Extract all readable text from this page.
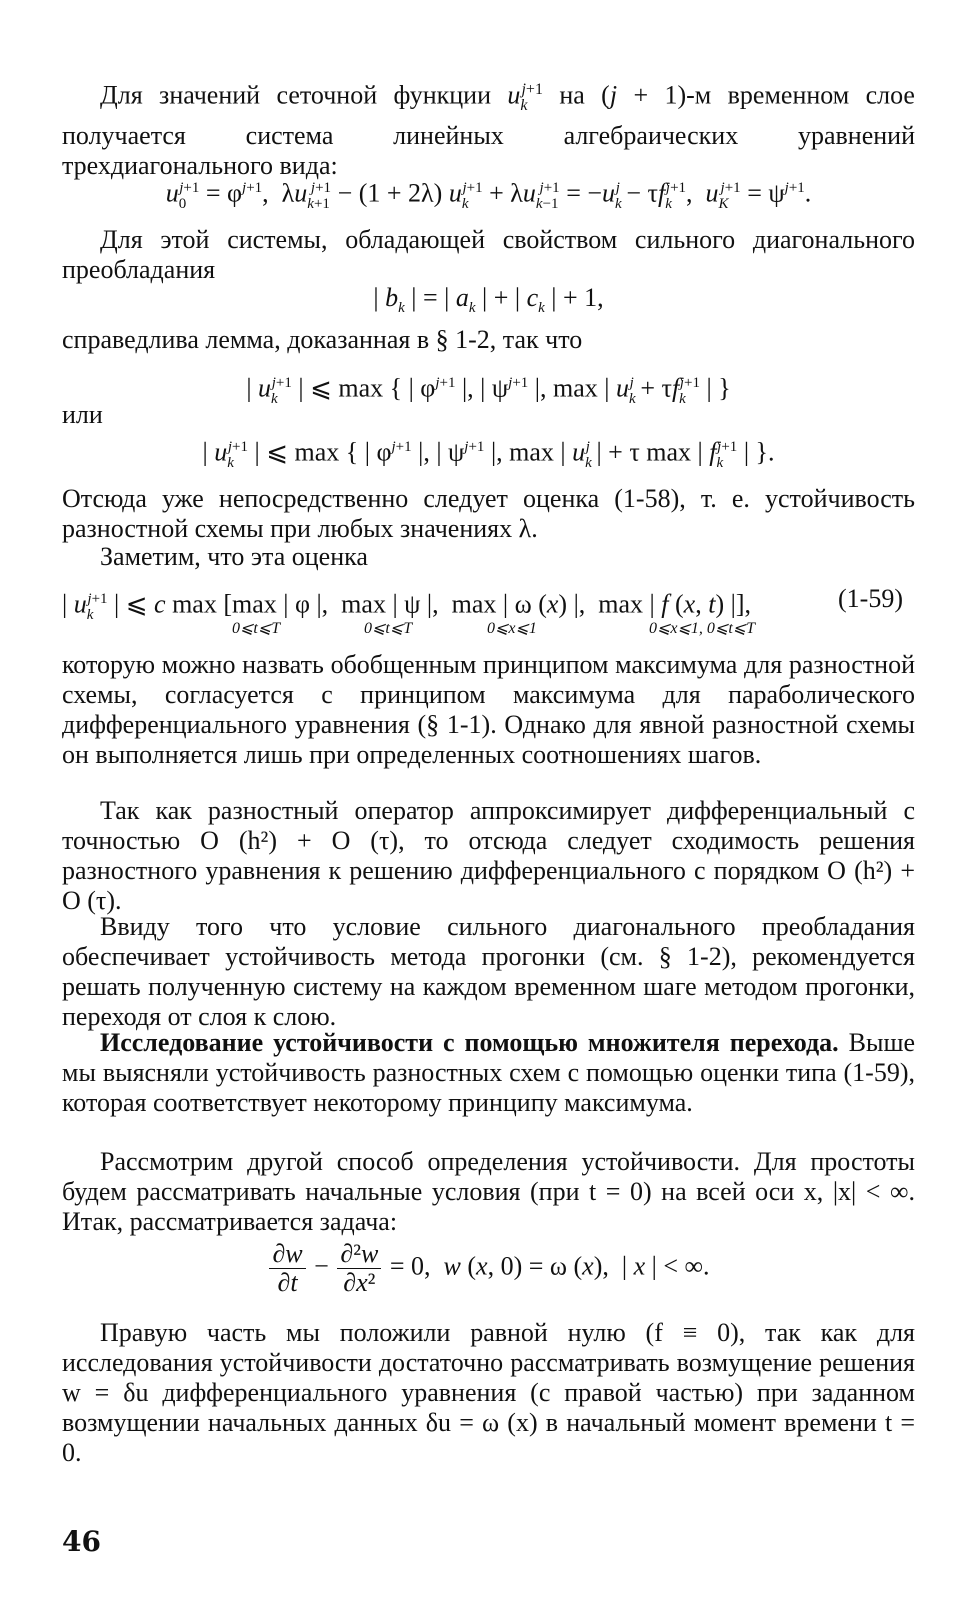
Для значений сеточной функции $u_k^{j+1}$ на (j + 1)-м временном слое получается система линейных алгебраических уравнений трехдиагонального вида:

$u_0^{j+1} = \varphi^{j+1}$,  $\lambda u_{k+1}^{j+1} - (1 + 2\lambda) u_k^{j+1} + \lambda u_{k-1}^{j+1} = -u_k^j - \tau f_k^{j+1}$,  $u_K^{j+1} = \psi^{j+1}$.

Для этой системы, обладающей свойством сильного диагонального преобладания

| $b_k$ | = | $a_k$ | + | $c_k$ | + 1,

справедлива лемма, доказанная в § 1-2, так что

| $u_k^{j+1}$ | ⩽ max { | $\varphi^{j+1}$ |, | $\psi^{j+1}$ |, max | $u_k^j + \tau f_k^{j+1}$ | }
или
| $u_k^{j+1}$ | ⩽ max { | $\varphi^{j+1}$ |, | $\psi^{j+1}$ |, max | $u_k^j$ | + τ max | $f_k^{j+1}$ | }.

Отсюда уже непосредственно следует оценка (1-58), т. е. устойчивость разностной схемы при любых значениях λ.

Заметим, что эта оценка

| $u_k^{j+1}$ | ⩽ c max [max | φ |,  max | ψ |,  max | ω (x) |,  max | f (x, t) |],	(1-59)
0⩽t⩽T	0⩽t⩽T	0⩽x⩽1	0⩽x⩽1, 0⩽t⩽T

которую можно назвать обобщенным принципом максимума для разностной схемы, согласуется с принципом максимума для параболического дифференциального уравнения (§ 1-1). Однако для явной разностной схемы он выполняется лишь при определенных соотношениях шагов.

Так как разностный оператор аппроксимирует дифференциальный с точностью O (h²) + O (τ), то отсюда следует сходимость решения разностного уравнения к решению дифференциального с порядком O (h²) + O (τ).

Ввиду того что условие сильного диагонального преобладания обеспечивает устойчивость метода прогонки (см. § 1-2), рекомендуется решать полученную систему на каждом временном шаге методом прогонки, переходя от слоя к слою.

Исследование устойчивости с помощью множителя перехода. Выше мы выясняли устойчивость разностных схем с помощью оценки типа (1-59), которая соответствует некоторому принципу максимума.

Рассмотрим другой способ определения устойчивости. Для простоты будем рассматривать начальные условия (при t = 0) на всей оси x, |x| < ∞. Итак, рассматривается задача:

$\frac{\partial w}{\partial t} - \frac{\text{∂²w}}{\text{∂x²}} = 0$,  w (x, 0) = ω (x),  | x | < ∞.

Правую часть мы положили равной нулю (f ≡ 0), так как для исследования устойчивости достаточно рассматривать возмущение решения w = δu дифференциального уравнения (с правой частью) при заданном возмущении начальных данных δu = ω (x) в начальный момент времени t = 0.

46
